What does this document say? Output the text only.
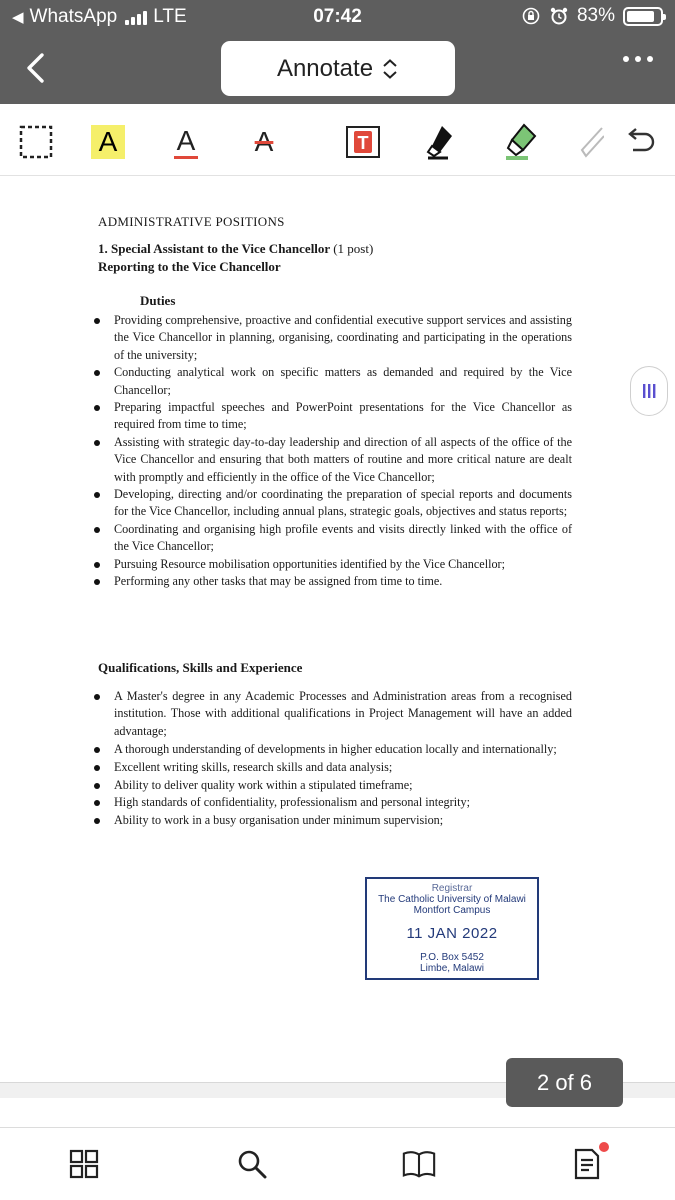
◀ WhatsApp LTE	07:42	83%
Annotate
A A A	T
ADMINISTRATIVE POSITIONS
1. Special Assistant to the Vice Chancellor (1 post)
Reporting to the Vice Chancellor
Duties
Providing comprehensive, proactive and confidential executive support services and assisting the Vice Chancellor in planning, organising, coordinating and participating in the operations of the university;
Conducting analytical work on specific matters as demanded and required by the Vice Chancellor;
Preparing impactful speeches and PowerPoint presentations for the Vice Chancellor as required from time to time;
Assisting with strategic day-to-day leadership and direction of all aspects of the office of the Vice Chancellor and ensuring that both matters of routine and more critical nature are dealt with promptly and efficiently in the office of the Vice Chancellor;
Developing, directing and/or coordinating the preparation of special reports and documents for the Vice Chancellor, including annual plans, strategic goals, objectives and status reports;
Coordinating and organising high profile events and visits directly linked with the office of the Vice Chancellor;
Pursuing Resource mobilisation opportunities identified by the Vice Chancellor;
Performing any other tasks that may be assigned from time to time.
Qualifications, Skills and Experience
A Master's degree in any Academic Processes and Administration areas from a recognised institution. Those with additional qualifications in Project Management will have an added advantage;
A thorough understanding of developments in higher education locally and internationally;
Excellent writing skills, research skills and data analysis;
Ability to deliver quality work within a stipulated timeframe;
High standards of confidentiality, professionalism and personal integrity;
Ability to work in a busy organisation under minimum supervision;
Registrar
The Catholic University of Malawi
Montfort Campus
11 JAN 2022
P.O. Box 5452
Limbe, Malawi
2 of 6
